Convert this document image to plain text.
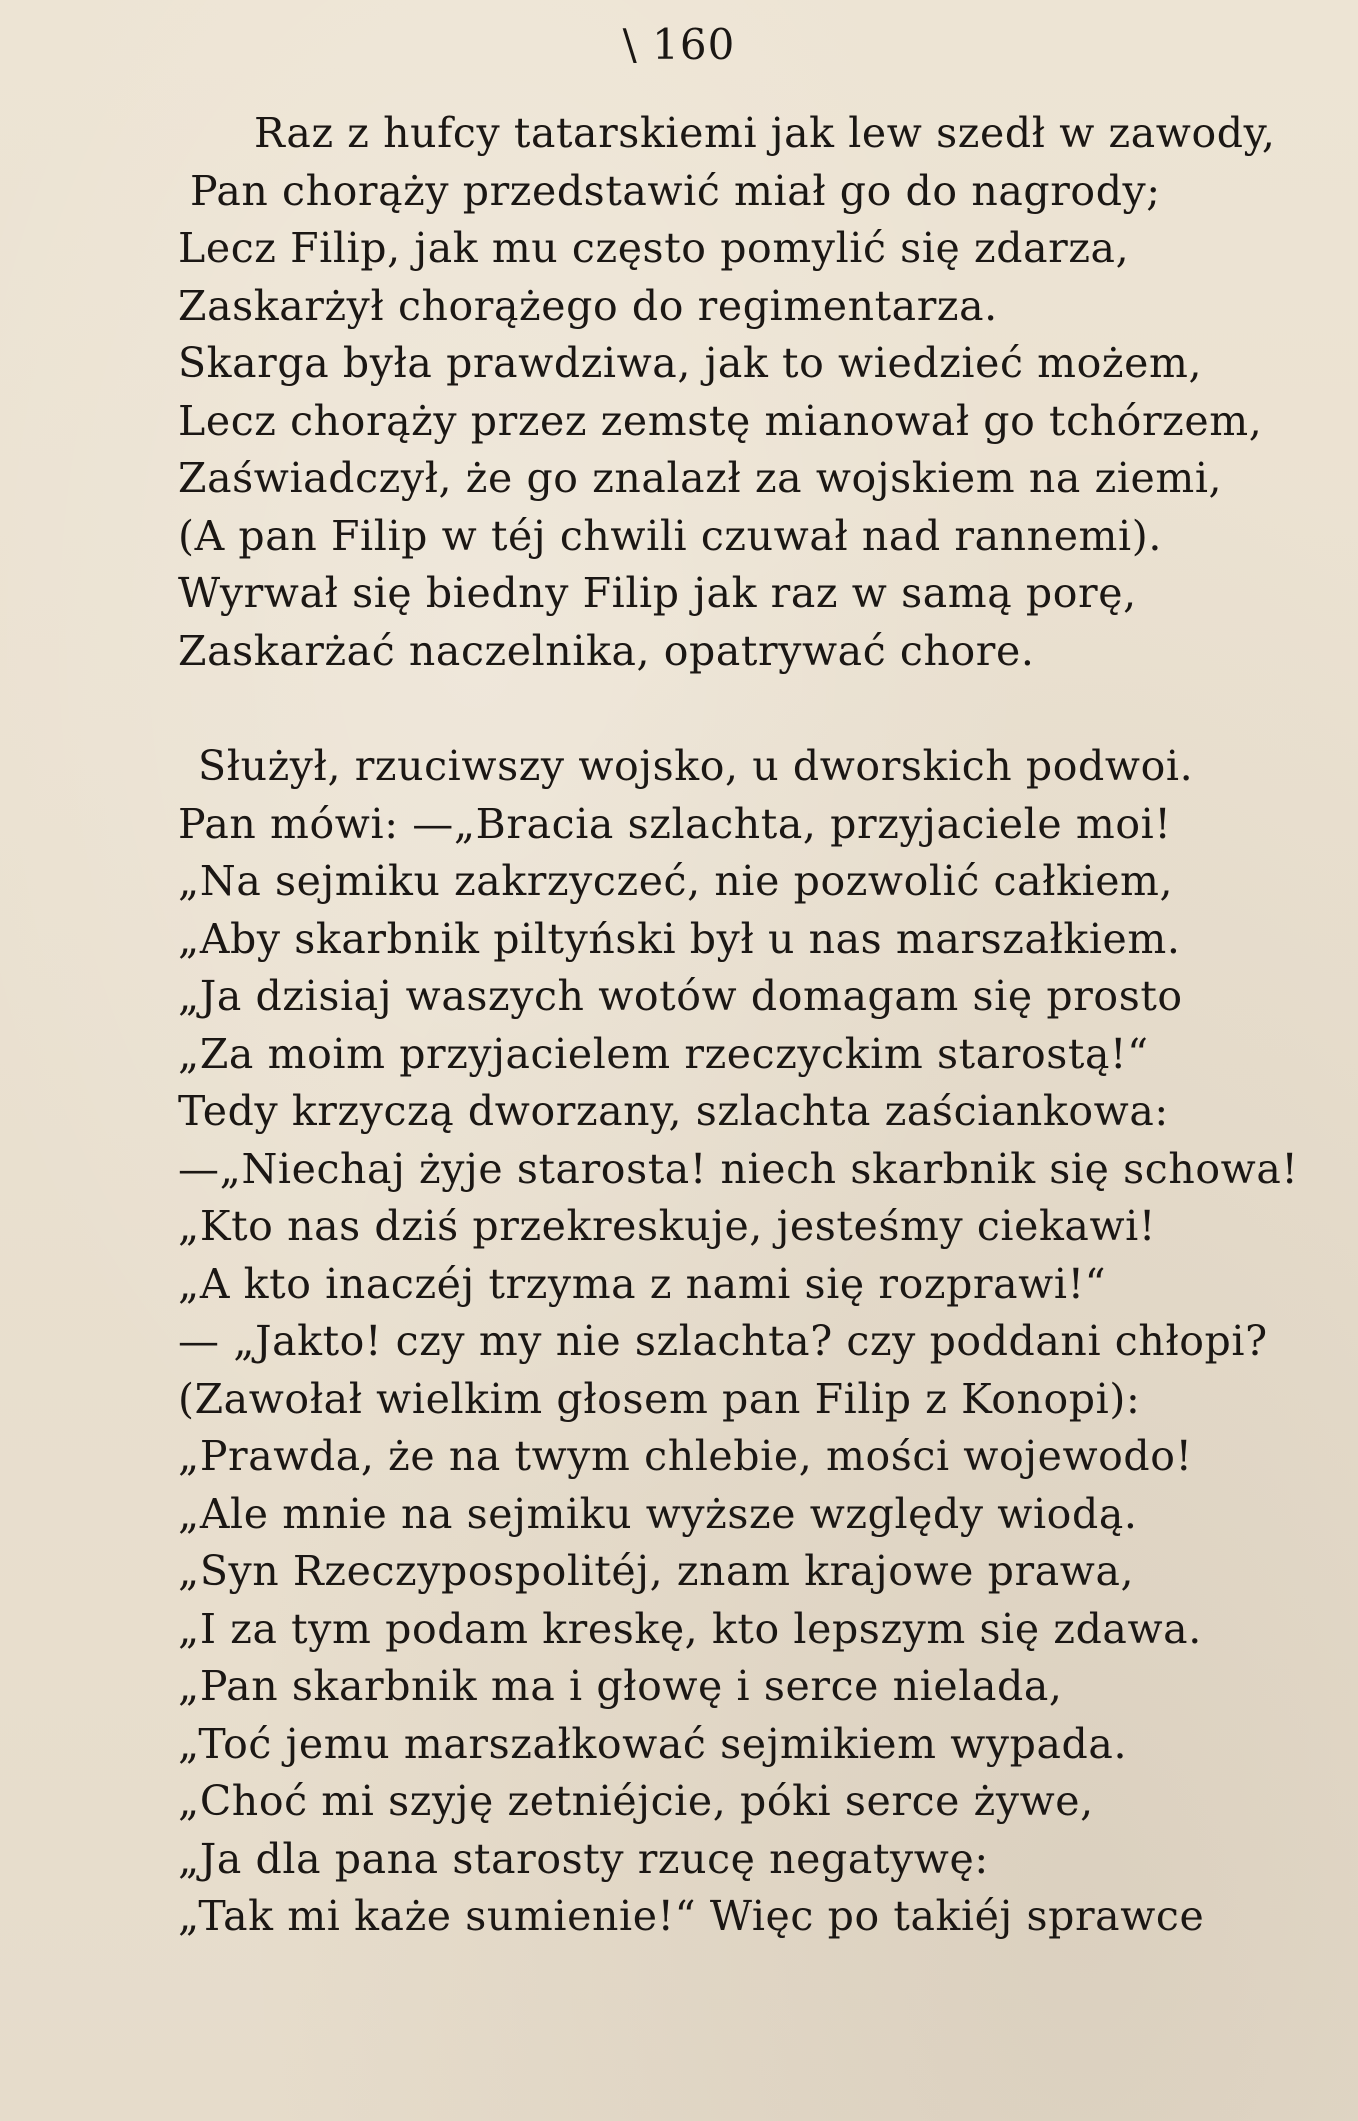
\ 160
Raz z hufcy tatarskiemi jak lew szedł w zawody,
Pan chorąży przedstawić miał go do nagrody;
Lecz Filip, jak mu często pomylić się zdarza,
Zaskarżył chorążego do regimentarza.
Skarga była prawdziwa, jak to wiedzieć możem,
Lecz chorąży przez zemstę mianował go tchórzem,
Zaświadczył, że go znalazł za wojskiem na ziemi,
(A pan Filip w téj chwili czuwał nad rannemi).
Wyrwał się biedny Filip jak raz w samą porę,
Zaskarżać naczelnika, opatrywać chore.
Służył, rzuciwszy wojsko, u dworskich podwoi.
Pan mówi: —„Bracia szlachta, przyjaciele moi!
„Na sejmiku zakrzyczeć, nie pozwolić całkiem,
„Aby skarbnik piltyński był u nas marszałkiem.
„Ja dzisiaj waszych wotów domagam się prosto
„Za moim przyjacielem rzeczyckim starostą!“
Tedy krzyczą dworzany, szlachta zaściankowa:
—„Niechaj żyje starosta! niech skarbnik się schowa!
„Kto nas dziś przekreskuje, jesteśmy ciekawi!
„A kto inaczéj trzyma z nami się rozprawi!“
— „Jakto! czy my nie szlachta? czy poddani chłopi?
(Zawołał wielkim głosem pan Filip z Konopi):
„Prawda, że na twym chlebie, mości wojewodo!
„Ale mnie na sejmiku wyższe względy wiodą.
„Syn Rzeczypospolitéj, znam krajowe prawa,
„I za tym podam kreskę, kto lepszym się zdawa.
„Pan skarbnik ma i głowę i serce nielada,
„Toć jemu marszałkować sejmikiem wypada.
„Choć mi szyję zetniéjcie, póki serce żywe,
„Ja dla pana starosty rzucę negatywę:
„Tak mi każe sumienie!“ Więc po takiéj sprawce
